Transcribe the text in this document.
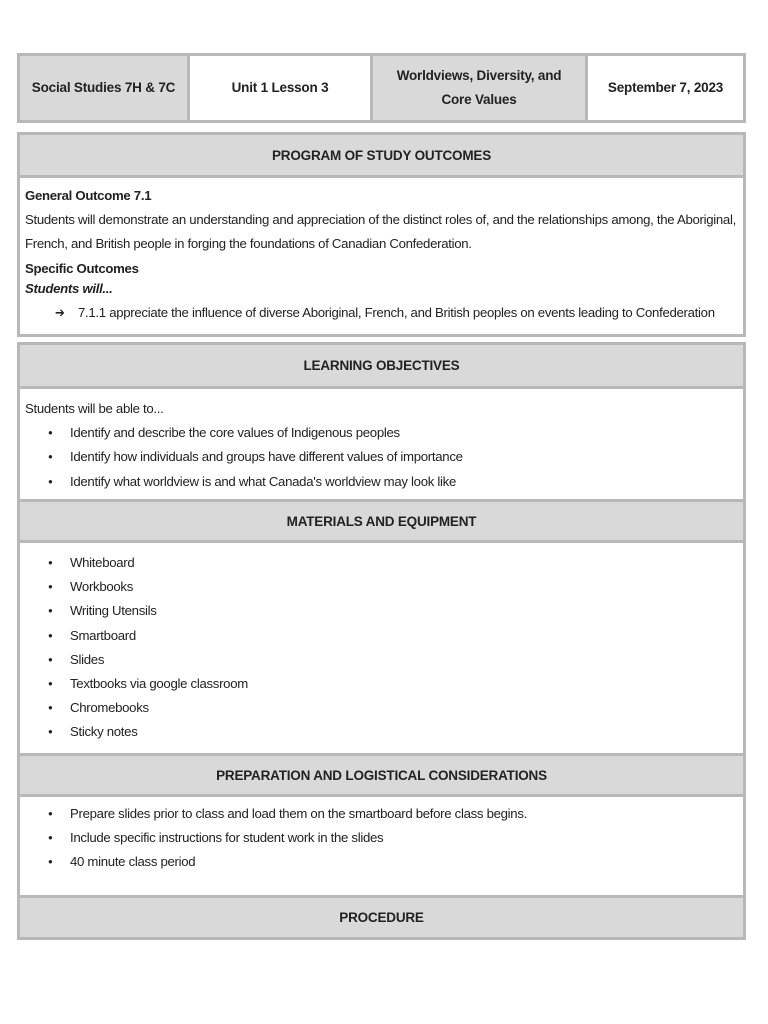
Social Studies 7H & 7C	Unit 1 Lesson 3
Worldviews, Diversity, and Core Values
September 7, 2023
PROGRAM OF STUDY OUTCOMES
General Outcome 7.1
Students will demonstrate an understanding and appreciation of the distinct roles of, and the relationships among, the Aboriginal, French, and British people in forging the foundations of Canadian Confederation.
Specific Outcomes
Students will...
➔	7.1.1 appreciate the influence of diverse Aboriginal, French, and British peoples on events leading to Confederation
LEARNING OBJECTIVES
Students will be able to...
● Identify and describe the core values of Indigenous peoples
● Identify how individuals and groups have different values of importance
● Identify what worldview is and what Canada's worldview may look like
MATERIALS AND EQUIPMENT
● Whiteboard
● Workbooks
● Writing Utensils
● Smartboard
● Slides
● Textbooks via google classroom
● Chromebooks
● Sticky notes
PREPARATION AND LOGISTICAL CONSIDERATIONS
● Prepare slides prior to class and load them on the smartboard before class begins.
● Include specific instructions for student work in the slides
● 40 minute class period
PROCEDURE
